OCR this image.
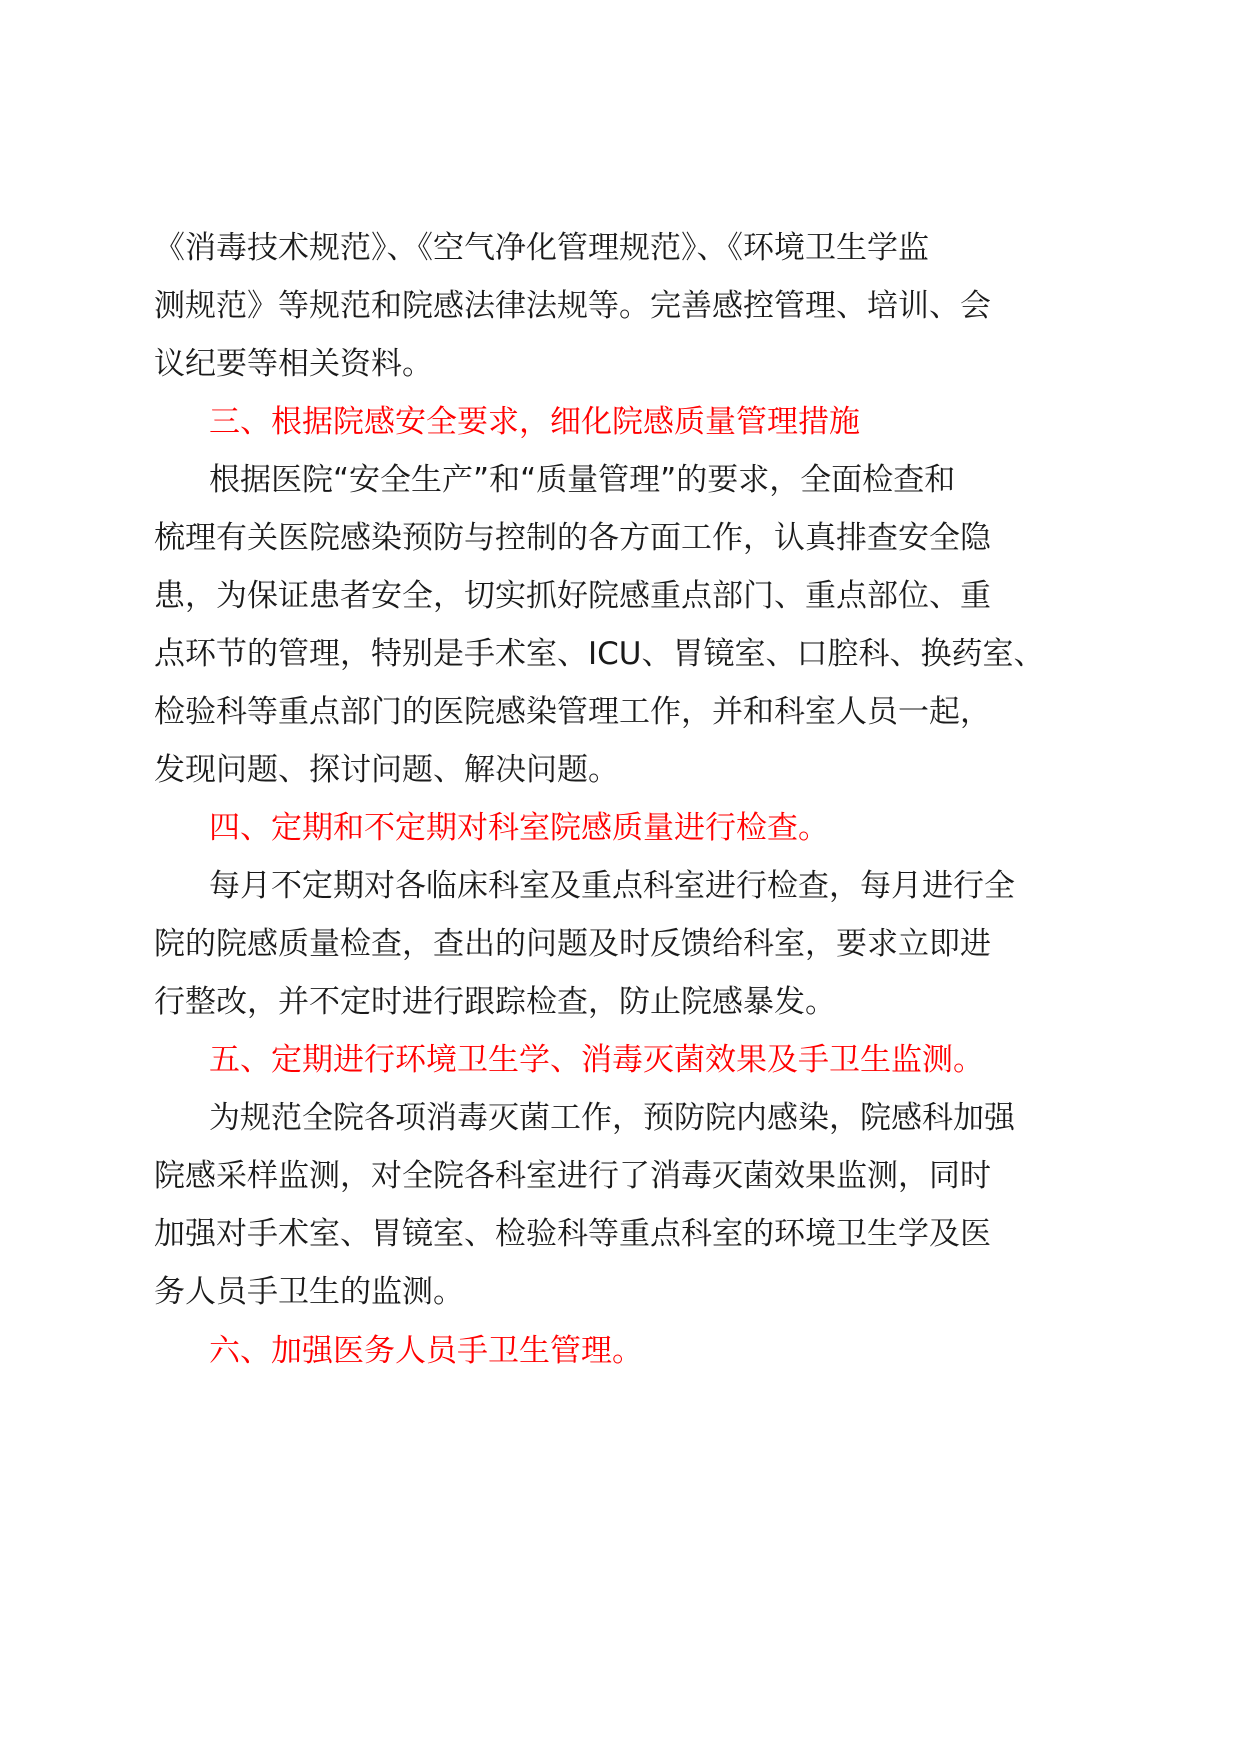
《消毒技术规范》、《空气净化管理规范》、《环境卫生学监
测规范》等规范和院感法律法规等。完善感控管理、培训、会
议纪要等相关资料。
三、根据院感安全要求，细化院感质量管理措施
根据医院“安全生产”和“质量管理”的要求，全面检查和
梳理有关医院感染预防与控制的各方面工作，认真排查安全隐
患，为保证患者安全，切实抓好院感重点部门、重点部位、重
点环节的管理，特别是手术室、ICU、胃镜室、口腔科、换药室、
检验科等重点部门的医院感染管理工作，并和科室人员一起，
发现问题、探讨问题、解决问题。
四、定期和不定期对科室院感质量进行检查。
每月不定期对各临床科室及重点科室进行检查，每月进行全
院的院感质量检查，查出的问题及时反馈给科室，要求立即进
行整改，并不定时进行跟踪检查，防止院感暴发。
五、定期进行环境卫生学、消毒灭菌效果及手卫生监测。
为规范全院各项消毒灭菌工作，预防院内感染，院感科加强
院感采样监测，对全院各科室进行了消毒灭菌效果监测，同时
加强对手术室、胃镜室、检验科等重点科室的环境卫生学及医
务人员手卫生的监测。
六、加强医务人员手卫生管理。
